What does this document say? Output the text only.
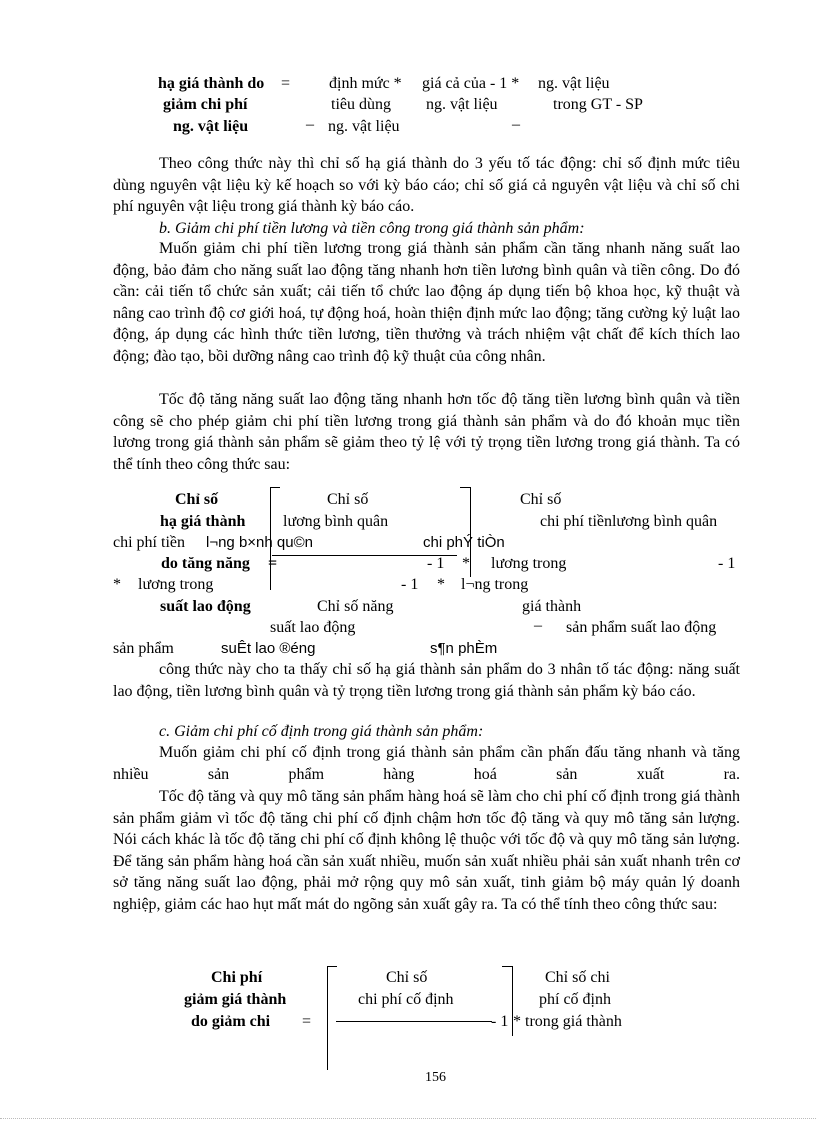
hạ giá thành do = định mức * giá cả của - 1 * ng. vật liệu
giảm chi phí	tiêu dùng ng. vật liệu	trong GT - SP
ng. vật liệu	– ng. vật liệu	–

Theo công thức này thì chỉ số hạ giá thành do 3 yếu tố tác động: chỉ số định mức tiêu dùng nguyên vật liệu kỳ kế hoạch so với kỳ báo cáo; chỉ số giá cả nguyên vật liệu và chỉ số chi phí nguyên vật liệu trong giá thành kỳ báo cáo.

b. Giảm chi phí tiền lương và tiền công trong giá thành sản phẩm:

Muốn giảm chi phí tiền lương trong giá thành sản phẩm cần tăng nhanh năng suất lao động, bảo đảm cho năng suất lao động tăng nhanh hơn tiền lương bình quân và tiền công. Do đó cần: cải tiến tổ chức sản xuất; cải tiến tổ chức lao động áp dụng tiến bộ khoa học, kỹ thuật và nâng cao trình độ cơ giới hoá, tự động hoá, hoàn thiện định mức lao động; tăng cường kỷ luật lao động, áp dụng các hình thức tiền lương, tiền thưởng và trách nhiệm vật chất để kích thích lao động; đào tạo, bồi dưỡng nâng cao trình độ kỹ thuật của công nhân.

Tốc độ tăng năng suất lao động tăng nhanh hơn tốc độ tăng tiền lương bình quân và tiền công sẽ cho phép giảm chi phí tiền lương trong giá thành sản phẩm và do đó khoản mục tiền lương trong giá thành sản phẩm sẽ giảm theo tỷ lệ với tỷ trọng tiền lương trong giá thành. Ta có thể tính theo công thức sau:

Chỉ số	Chỉ số	Chỉ số
hạ giá thành lương bình quân	chi phí tiềnlương bình quân
chi phí tiền l¬ng b×nh qu©n	chi phÝ tiÒn
do tăng năng =	- 1 * lương trong	- 1
* lương trong	- 1 * l¬ng trong
suất lao động	Chỉ số năng	giá thành
suất lao động	– sản phẩm suất lao động
sản phẩm	suÊt lao ®éng	s¶n phÈm

công thức này cho ta thấy chỉ số hạ giá thành sản phẩm do 3 nhân tố tác động: năng suất lao động, tiền lương bình quân và tỷ trọng tiền lương trong giá thành sản phẩm kỳ báo cáo.

c. Giảm chi phí cố định trong giá thành sản phẩm:

Muốn giảm chi phí cố định trong giá thành sản phẩm cần phấn đấu tăng nhanh và tăng nhiều sản phẩm hàng hoá sản xuất ra.

Tốc độ tăng và quy mô tăng sản phẩm hàng hoá sẽ làm cho chi phí cố định trong giá thành sản phẩm giảm vì tốc độ tăng chi phí cố định chậm hơn tốc độ tăng và quy mô tăng sản lượng. Nói cách khác là tốc độ tăng chi phí cố định không lệ thuộc với tốc độ và quy mô tăng sản lượng. Để tăng sản phẩm hàng hoá cần sản xuất nhiều, muốn sản xuất nhiều phải sản xuất nhanh trên cơ sở tăng năng suất lao động, phải mở rộng quy mô sản xuất, tinh giảm bộ máy quản lý doanh nghiệp, giảm các hao hụt mất mát do ngõng sản xuất gây ra. Ta có thể tính theo công thức sau:

Chi phí
giảm giá thành
do giảm chi =
Chỉ số
chi phí cố định
- 1
Chỉ số chi
phí cố định
* trong giá thành
156
